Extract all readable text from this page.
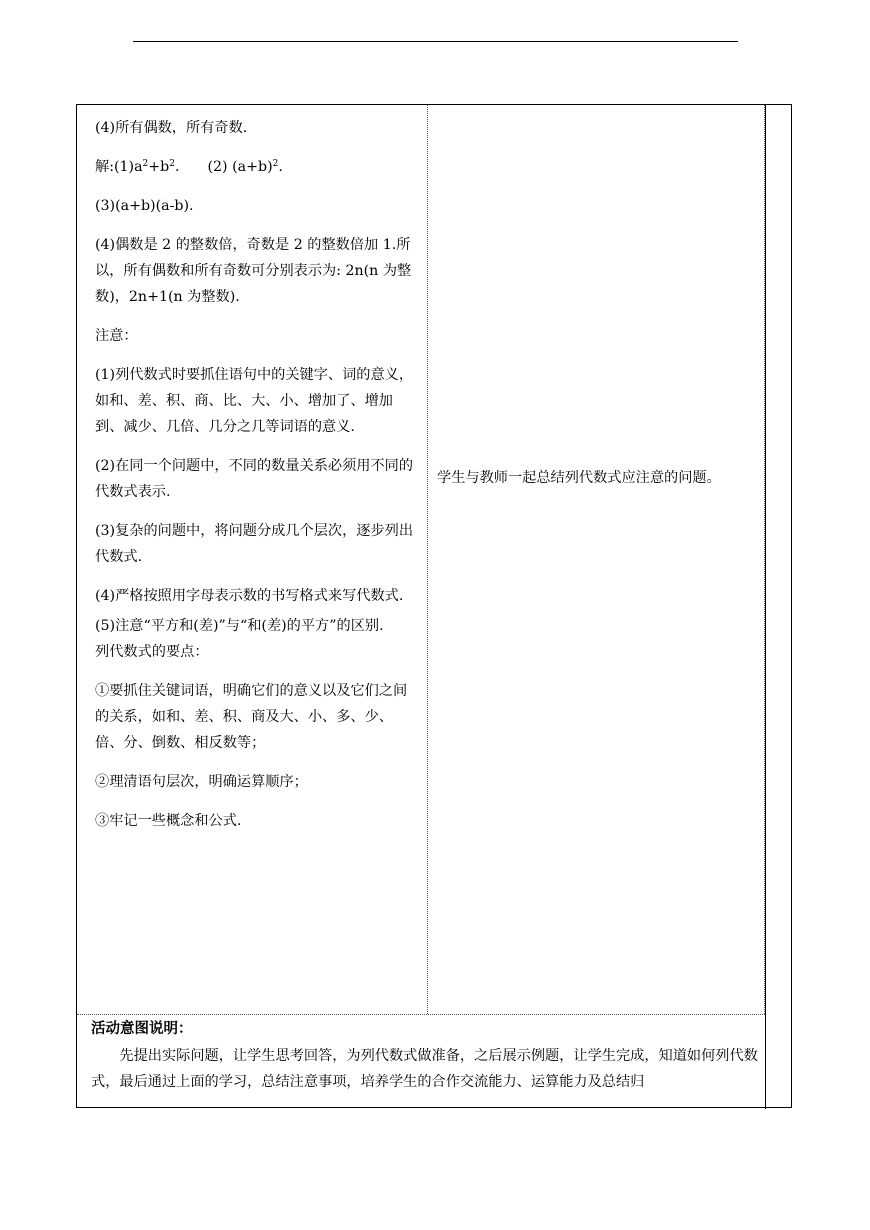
(4)所有偶数，所有奇数.

解$:(1)a^2+b^2$. (2) $(a+b)^2$.

(3)(a+b)(a-b).

(4)偶数是 2 的整数倍，奇数是 2 的整数倍加 1.所以，所有偶数和所有奇数可分别表示为: 2n(n 为整数)，2n+1(n 为整数).

注意：

(1)列代数式时要抓住语句中的关键字、词的意义，如和、差、积、商、比、大、小、增加了、增加到、减少、几倍、几分之几等词语的意义.

(2)在同一个问题中，不同的数量关系必须用不同的代数式表示.

(3)复杂的问题中，将问题分成几个层次，逐步列出代数式.

(4)严格按照用字母表示数的书写格式来写代数式.

(5)注意“平方和(差)”与“和(差)的平方”的区别.

列代数式的要点：

①要抓住关键词语，明确它们的意义以及它们之间的关系，如和、差、积、商及大、小、多、少、倍、分、倒数、相反数等；

②理清语句层次，明确运算顺序；

③牢记一些概念和公式.

学生与教师一起总结列代数式应注意的问题。
活动意图说明：
先提出实际问题，让学生思考回答，为列代数式做准备，之后展示例题，让学生完成，知道如何列代数式，最后通过上面的学习，总结注意事项，培养学生的合作交流能力、运算能力及总结归
